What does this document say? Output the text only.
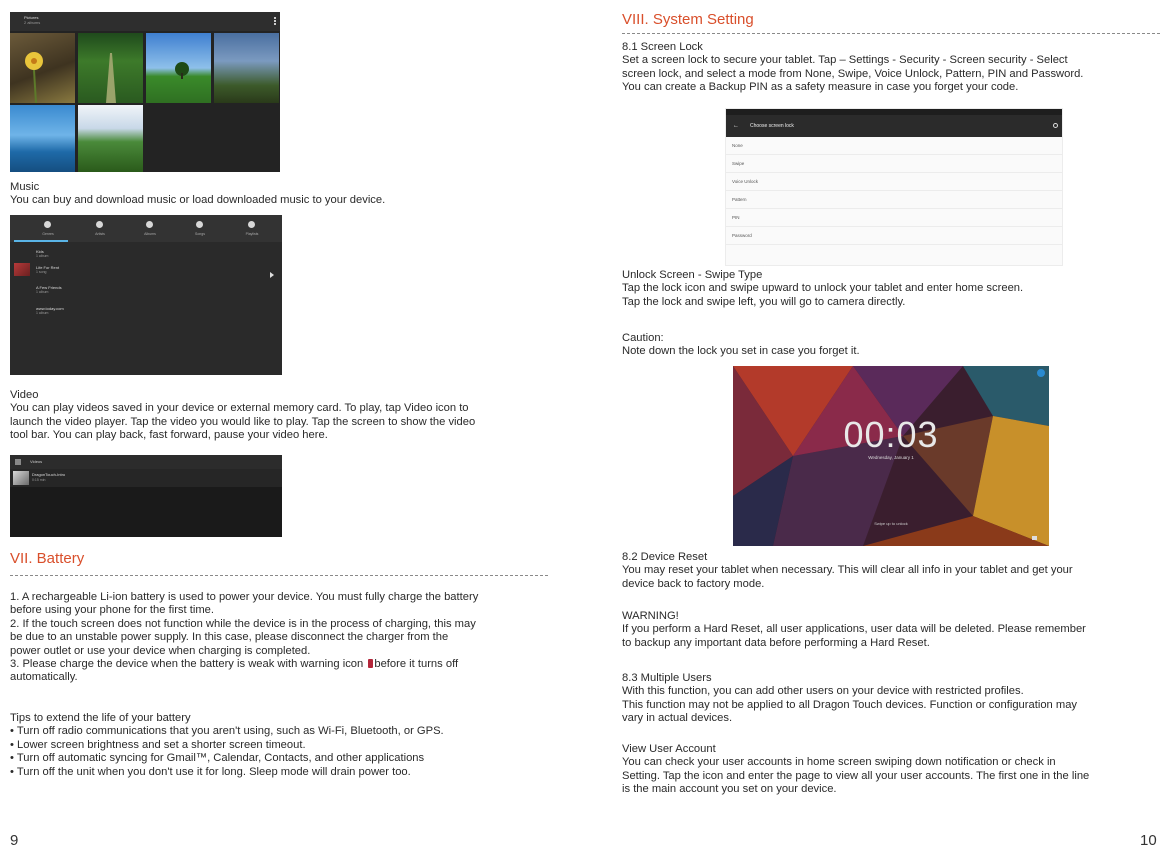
Pictures
2 albums
Music
You can buy and download music or load downloaded music to your device.
Genres	Artists	Albums	Songs	Playlists
Kids
1 album
Life For Rent
1 song
A Few Friends
1 album
www.today.com
1 album
Video
You can play videos saved in your device or external memory card. To play, tap Video icon to
launch the video player. Tap the video you would like to play. Tap the screen to show the video
tool bar. You can play back, fast forward, pause your video here.
Videos
DragonTouch-Intro
0:15 min
VII. Battery
1. A rechargeable Li-ion battery is used to power your device. You must fully charge the battery
before using your phone for the first time.
2. If the touch screen does not function while the device is in the process of charging, this may
be due to an unstable power supply. In this case, please disconnect the charger from the
power outlet or use your device when charging is completed.
3. Please charge the device when the battery is weak with warning icon before it turns off
automatically.
Tips to extend the life of your battery
• Turn off radio communications that you aren't using, such as Wi-Fi, Bluetooth, or GPS.
• Lower screen brightness and set a shorter screen timeout.
• Turn off automatic syncing for Gmail™, Calendar, Contacts, and other applications
• Turn off the unit when you don't use it for long. Sleep mode will drain power too.
9
VIII. System Setting
8.1 Screen Lock
Set a screen lock to secure your tablet. Tap – Settings - Security - Screen security - Select
screen lock, and select a mode from None, Swipe, Voice Unlock, Pattern, PIN and Password.
You can create a Backup PIN as a safety measure in case you forget your code.
Unlock Screen - Swipe Type
Tap the lock icon and swipe upward to unlock your tablet and enter home screen.
Tap the lock and swipe left, you will go to camera directly.
Caution:
Note down the lock you set in case you forget it.
8.2 Device Reset
You may reset your tablet when necessary. This will clear all info in your tablet and get your
device back to factory mode.
WARNING!
If you perform a Hard Reset, all user applications, user data will be deleted. Please remember
to backup any important data before performing a Hard Reset.
8.3 Multiple Users
With this function, you can add other users on your device with restricted profiles.
This function may not be applied to all Dragon Touch devices. Function or configuration may
vary in actual devices.
View User Account
You can check your user accounts in home screen swiping down notification or check in
Setting. Tap the icon and enter the page to view all your user accounts. The first one in the line
is the main account you set on your device.
10
← Choose screen lock
None
Swipe
Voice Unlock
Pattern
PIN
Password
00:03
Wednesday, January 1
Swipe up to unlock
